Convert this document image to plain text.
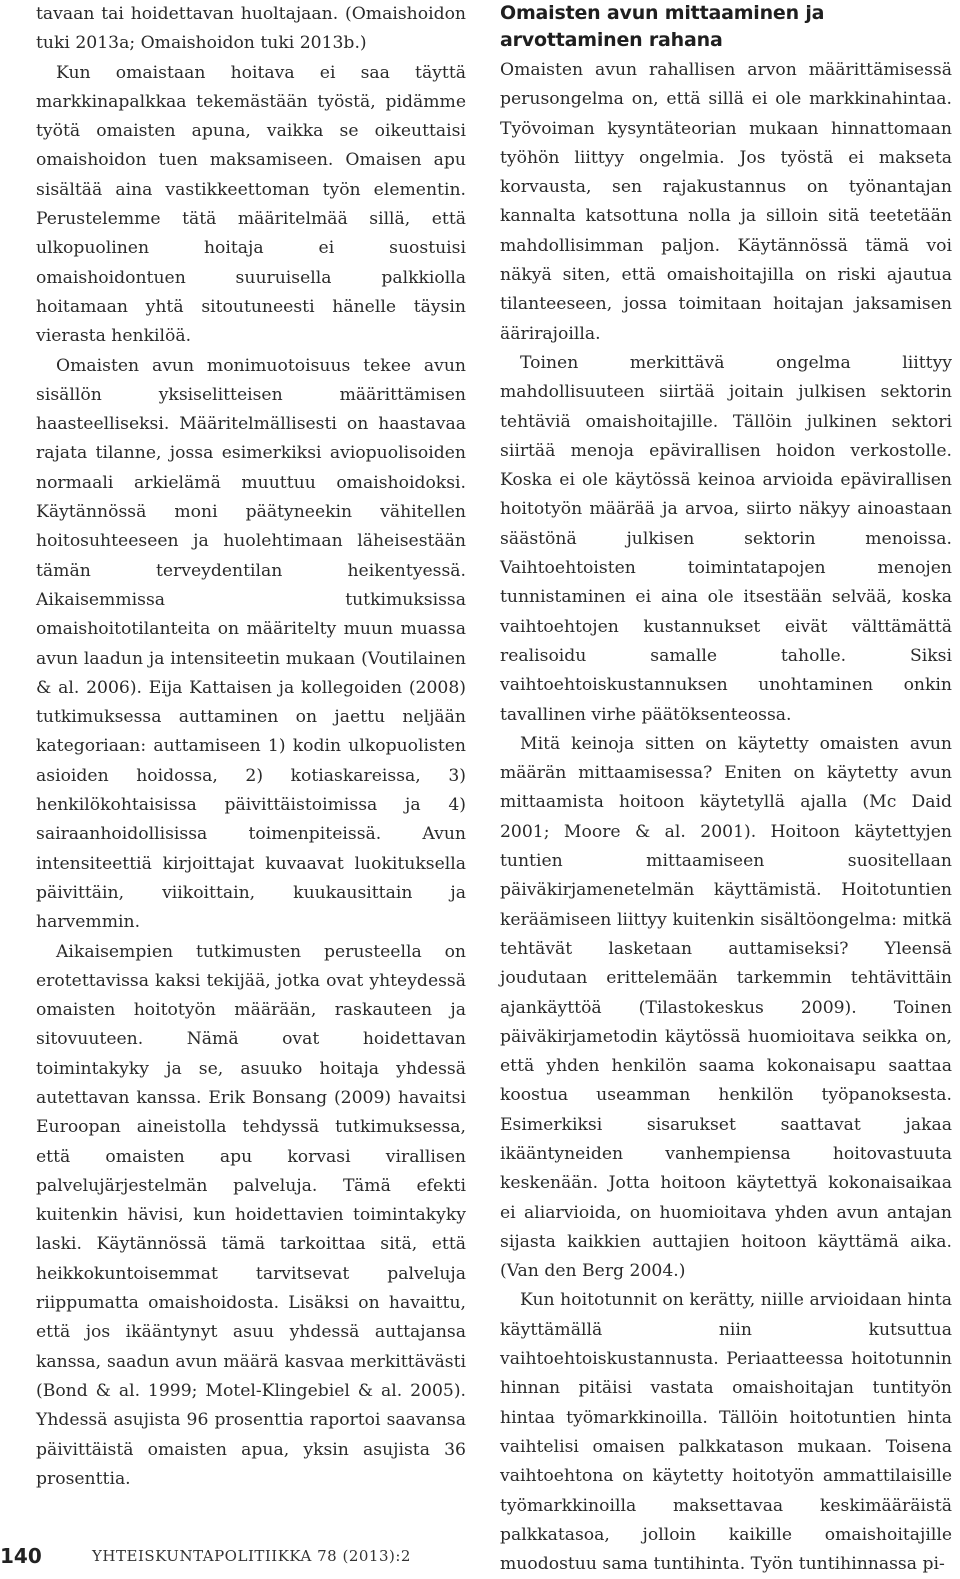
tavaan tai hoidettavan huoltajaan. (Omaishoidon tuki 2013a; Omaishoidon tuki 2013b.)

Kun omaistaan hoitava ei saa täyttä markkinapalkkaa tekemästään työstä, pidämme työtä omaisten apuna, vaikka se oikeuttaisi omaishoidon tuen maksamiseen. Omaisen apu sisältää aina vastikkeettoman työn elementin. Perustelemme tätä määritelmää sillä, että ulkopuolinen hoitaja ei suostuisi omaishoidontuen suuruisella palkkiolla hoitamaan yhtä sitoutuneesti hänelle täysin vierasta henkilöä.

Omaisten avun monimuotoisuus tekee avun sisällön yksiselitteisen määrittämisen haasteelliseksi. Määritelmällisesti on haastavaa rajata tilanne, jossa esimerkiksi aviopuolisoiden normaali arkielämä muuttuu omaishoidoksi. Käytännössä moni päätyneekin vähitellen hoitosuhteeseen ja huolehtimaan läheisestään tämän terveydentilan heikentyessä. Aikaisemmissa tutkimuksissa omaishoitotilanteita on määritelty muun muassa avun laadun ja intensiteetin mukaan (Voutilainen & al. 2006). Eija Kattaisen ja kollegoiden (2008) tutkimuksessa auttaminen on jaettu neljään kategoriaan: auttamiseen 1) kodin ulkopuolisten asioiden hoidossa, 2) kotiaskareissa, 3) henkilökohtaisissa päivittäistoimissa ja 4) sairaanhoidollisissa toimenpiteissä. Avun intensiteettiä kirjoittajat kuvaavat luokituksella päivittäin, viikoittain, kuukausittain ja harvemmin.

Aikaisempien tutkimusten perusteella on erotettavissa kaksi tekijää, jotka ovat yhteydessä omaisten hoitotyön määrään, raskauteen ja sitovuuteen. Nämä ovat hoidettavan toimintakyky ja se, asuuko hoitaja yhdessä autettavan kanssa. Erik Bonsang (2009) havaitsi Euroopan aineistolla tehdyssä tutkimuksessa, että omaisten apu korvasi virallisen palvelujärjestelmän palveluja. Tämä efekti kuitenkin hävisi, kun hoidettavien toimintakyky laski. Käytännössä tämä tarkoittaa sitä, että heikkokuntoisemmat tarvitsevat palveluja riippumatta omaishoidosta. Lisäksi on havaittu, että jos ikääntynyt asuu yhdessä auttajansa kanssa, saadun avun määrä kasvaa merkittävästi (Bond & al. 1999; Motel-Klingebiel & al. 2005). Yhdessä asujista 96 prosenttia raportoi saavansa päivittäistä omaisten apua, yksin asujista 36 prosenttia.

Omaisten avun mittaaminen ja arvottaminen rahana

Omaisten avun rahallisen arvon määrittämisessä perusongelma on, että sillä ei ole markkinahintaa. Työvoiman kysyntäteorian mukaan hinnattomaan työhön liittyy ongelmia. Jos työstä ei makseta korvausta, sen rajakustannus on työnantajan kannalta katsottuna nolla ja silloin sitä teetetään mahdollisimman paljon. Käytännössä tämä voi näkyä siten, että omaishoitajilla on riski ajautua tilanteeseen, jossa toimitaan hoitajan jaksamisen äärirajoilla.

Toinen merkittävä ongelma liittyy mahdollisuuteen siirtää joitain julkisen sektorin tehtäviä omaishoitajille. Tällöin julkinen sektori siirtää menoja epävirallisen hoidon verkostolle. Koska ei ole käytössä keinoa arvioida epävirallisen hoitotyön määrää ja arvoa, siirto näkyy ainoastaan säästönä julkisen sektorin menoissa. Vaihtoehtoisten toimintatapojen menojen tunnistaminen ei aina ole itsestään selvää, koska vaihtoehtojen kustannukset eivät välttämättä realisoidu samalle taholle. Siksi vaihtoehtoiskustannuksen unohtaminen onkin tavallinen virhe päätöksenteossa.

Mitä keinoja sitten on käytetty omaisten avun määrän mittaamisessa? Eniten on käytetty avun mittaamista hoitoon käytetyllä ajalla (Mc Daid 2001; Moore & al. 2001). Hoitoon käytettyjen tuntien mittaamiseen suositellaan päiväkirjamenetelmän käyttämistä. Hoitotuntien keräämiseen liittyy kuitenkin sisältöongelma: mitkä tehtävät lasketaan auttamiseksi? Yleensä joudutaan erittelemään tarkemmin tehtävittäin ajankäyttöä (Tilastokeskus 2009). Toinen päiväkirjametodin käytössä huomioitava seikka on, että yhden henkilön saama kokonaisapu saattaa koostua useamman henkilön työpanoksesta. Esimerkiksi sisarukset saattavat jakaa ikääntyneiden vanhempiensa hoitovastuuta keskenään. Jotta hoitoon käytettyä kokonaisaikaa ei aliarvioida, on huomioitava yhden avun antajan sijasta kaikkien auttajien hoitoon käyttämä aika. (Van den Berg 2004.)

Kun hoitotunnit on kerätty, niille arvioidaan hinta käyttämällä niin kutsuttua vaihtoehtoiskustannusta. Periaatteessa hoitotunnin hinnan pitäisi vastata omaishoitajan tuntityön hintaa työmarkkinoilla. Tällöin hoitotuntien hinta vaihtelisi omaisen palkkatason mukaan. Toisena vaihtoehtona on käytetty hoitotyön ammattilaisille työmarkkinoilla maksettavaa keskimääräistä palkkatasoa, jolloin kaikille omaishoitajille muodostuu sama tuntihinta. Työn tuntihinnassa pi-

140	YHTEISKUNTAPOLITIIKKA 78 (2013):2
